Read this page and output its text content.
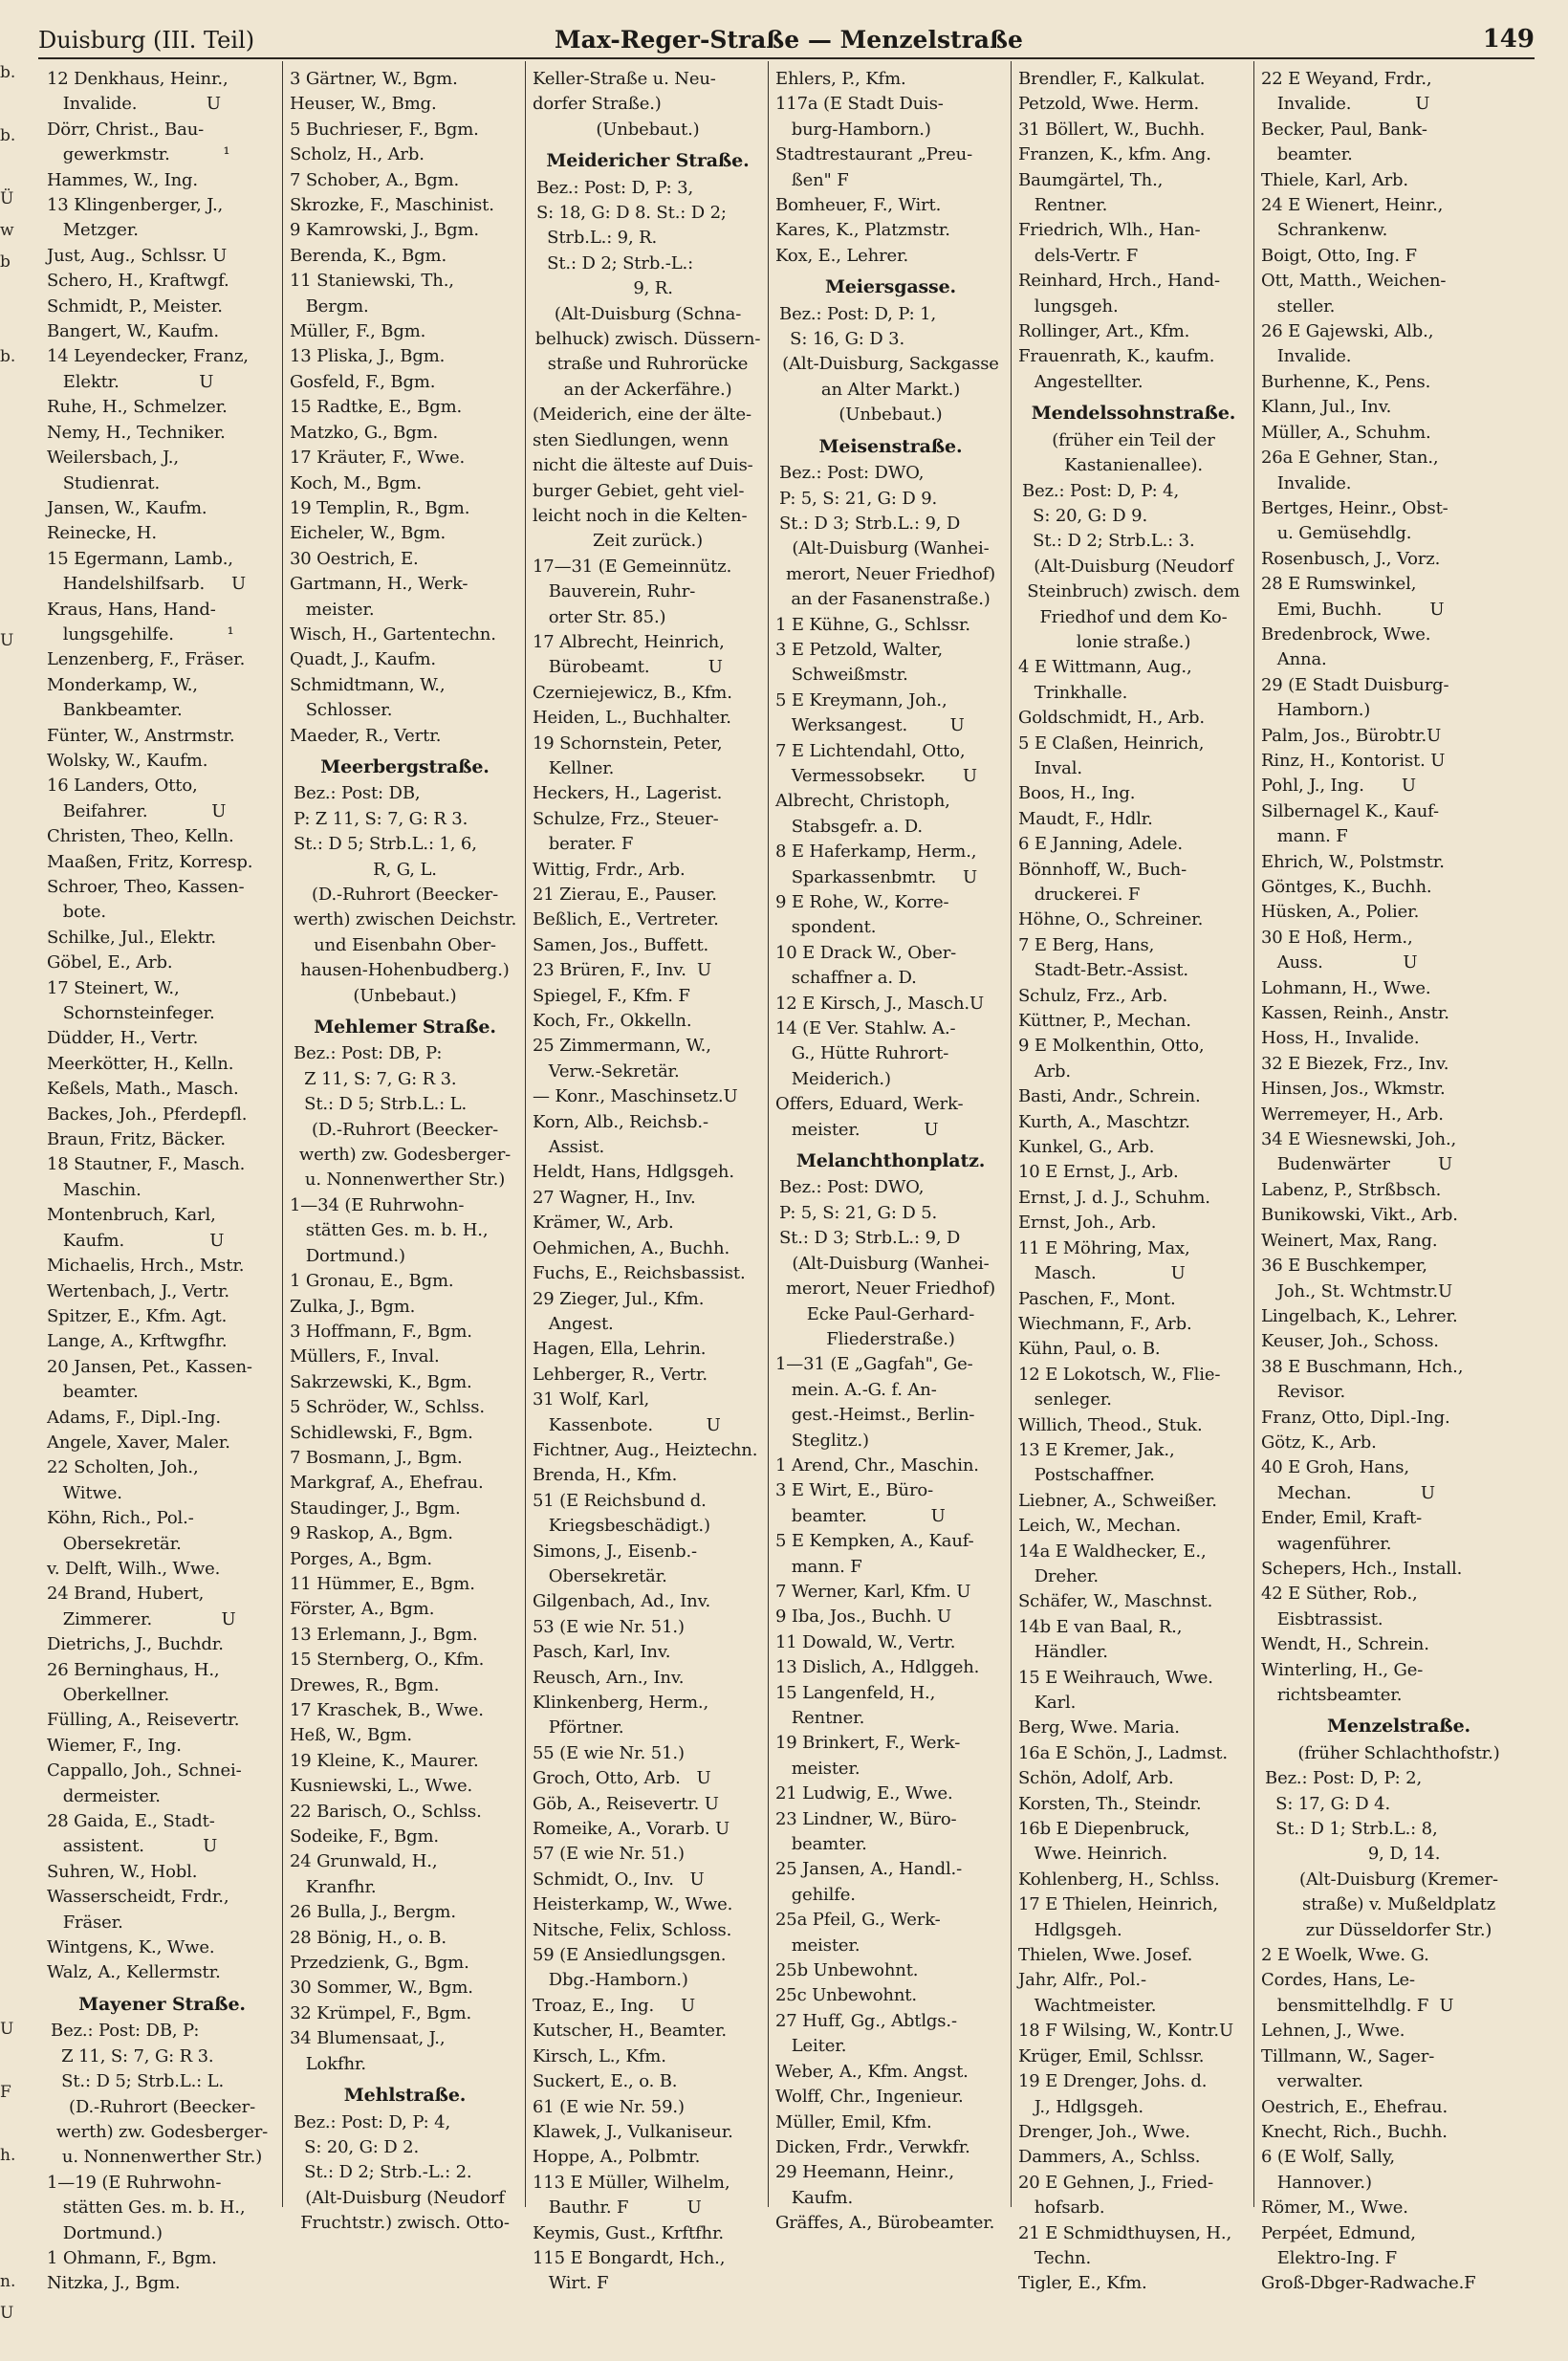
b.
b.
Ü
w
b
b.
U
U
F
h.
n.
U
Duisburg (III. Teil)	Max-Reger-Straße — Menzelstraße	149
12 Denkhaus, Heinr.,
Invalide.             U
Dörr, Christ., Bau-
gewerkmstr.          ¹
Hammes, W., Ing.
13 Klingenberger, J.,
Metzger.
Just, Aug., Schlssr. U
Schero, H., Kraftwgf.
Schmidt, P., Meister.
Bangert, W., Kaufm.
14 Leyendecker, Franz,
Elektr.               U
Ruhe, H., Schmelzer.
Nemy, H., Techniker.
Weilersbach, J.,
Studienrat.
Jansen, W., Kaufm.
Reinecke, H.
15 Egermann, Lamb.,
Handelshilfsarb.     U
Kraus, Hans, Hand-
lungsgehilfe.          ¹
Lenzenberg, F., Fräser.
Monderkamp, W.,
Bankbeamter.
Fünter, W., Anstrmstr.
Wolsky, W., Kaufm.
16 Landers, Otto,
Beifahrer.            U
Christen, Theo, Kelln.
Maaßen, Fritz, Korresp.
Schroer, Theo, Kassen-
bote.
Schilke, Jul., Elektr.
Göbel, E., Arb.
17 Steinert, W.,
Schornsteinfeger.
Düdder, H., Vertr.
Meerkötter, H., Kelln.
Keßels, Math., Masch.
Backes, Joh., Pferdepfl.
Braun, Fritz, Bäcker.
18 Stautner, F., Masch.
Maschin.
Montenbruch, Karl,
Kaufm.                U
Michaelis, Hrch., Mstr.
Wertenbach, J., Vertr.
Spitzer, E., Kfm. Agt.
Lange, A., Krftwgfhr.
20 Jansen, Pet., Kassen-
beamter.
Adams, F., Dipl.-Ing.
Angele, Xaver, Maler.
22 Scholten, Joh.,
Witwe.
Köhn, Rich., Pol.-
Obersekretär.
v. Delft, Wilh., Wwe.
24 Brand, Hubert,
Zimmerer.             U
Dietrichs, J., Buchdr.
26 Berninghaus, H.,
Oberkellner.
Fülling, A., Reisevertr.
Wiemer, F., Ing.
Cappallo, Joh., Schnei-
dermeister.
28 Gaida, E., Stadt-
assistent.           U
Suhren, W., Hobl.
Wasserscheidt, Frdr.,
Fräser.
Wintgens, K., Wwe.
Walz, A., Kellermstr.
Mayener Straße.
Bez.: Post: DB, P:
Z 11, S: 7, G: R 3.
St.: D 5; Strb.L.: L.
(D.-Ruhrort (Beecker-
werth) zw. Godesberger-
u. Nonnenwerther Str.)
1—19 (E Ruhrwohn-
stätten Ges. m. b. H.,
Dortmund.)
1 Ohmann, F., Bgm.
Nitzka, J., Bgm.
3 Gärtner, W., Bgm.
Heuser, W., Bmg.
5 Buchrieser, F., Bgm.
Scholz, H., Arb.
7 Schober, A., Bgm.
Skrozke, F., Maschinist.
9 Kamrowski, J., Bgm.
Berenda, K., Bgm.
11 Staniewski, Th.,
Bergm.
Müller, F., Bgm.
13 Pliska, J., Bgm.
Gosfeld, F., Bgm.
15 Radtke, E., Bgm.
Matzko, G., Bgm.
17 Kräuter, F., Wwe.
Koch, M., Bgm.
19 Templin, R., Bgm.
Eicheler, W., Bgm.
30 Oestrich, E.
Gartmann, H., Werk-
meister.
Wisch, H., Gartentechn.
Quadt, J., Kaufm.
Schmidtmann, W.,
Schlosser.
Maeder, R., Vertr.
Meerbergstraße.
Bez.: Post: DB,
P: Z 11, S: 7, G: R 3.
St.: D 5; Strb.L.: 1, 6,
R, G, L.
(D.-Ruhrort (Beecker-
werth) zwischen Deichstr.
und Eisenbahn Ober-
hausen-Hohenbudberg.)
(Unbebaut.)
Mehlemer Straße.
Bez.: Post: DB, P:
Z 11, S: 7, G: R 3.
St.: D 5; Strb.L.: L.
(D.-Ruhrort (Beecker-
werth) zw. Godesberger-
u. Nonnenwerther Str.)
1—34 (E Ruhrwohn-
stätten Ges. m. b. H.,
Dortmund.)
1 Gronau, E., Bgm.
Zulka, J., Bgm.
3 Hoffmann, F., Bgm.
Müllers, F., Inval.
Sakrzewski, K., Bgm.
5 Schröder, W., Schlss.
Schidlewski, F., Bgm.
7 Bosmann, J., Bgm.
Markgraf, A., Ehefrau.
Staudinger, J., Bgm.
9 Raskop, A., Bgm.
Porges, A., Bgm.
11 Hümmer, E., Bgm.
Förster, A., Bgm.
13 Erlemann, J., Bgm.
15 Sternberg, O., Kfm.
Drewes, R., Bgm.
17 Kraschek, B., Wwe.
Heß, W., Bgm.
19 Kleine, K., Maurer.
Kusniewski, L., Wwe.
22 Barisch, O., Schlss.
Sodeike, F., Bgm.
24 Grunwald, H.,
Kranfhr.
26 Bulla, J., Bergm.
28 Bönig, H., o. B.
Przedzienk, G., Bgm.
30 Sommer, W., Bgm.
32 Krümpel, F., Bgm.
34 Blumensaat, J.,
Lokfhr.
Mehlstraße.
Bez.: Post: D, P: 4,
S: 20, G: D 2.
St.: D 2; Strb.-L.: 2.
(Alt-Duisburg (Neudorf
Fruchtstr.) zwisch. Otto-
Keller-Straße u. Neu-
dorfer Straße.)
(Unbebaut.)
Meidericher Straße.
Bez.: Post: D, P: 3,
S: 18, G: D 8. St.: D 2;
Strb.L.: 9, R.
St.: D 2; Strb.-L.:
9, R.
(Alt-Duisburg (Schna-
belhuck) zwisch. Düssern-
straße und Ruhrorücke
an der Ackerfähre.)
(Meiderich, eine der älte-
sten Siedlungen, wenn
nicht die älteste auf Duis-
burger Gebiet, geht viel-
leicht noch in die Kelten-
Zeit zurück.)
17—31 (E Gemeinnütz.
Bauverein, Ruhr-
orter Str. 85.)
17 Albrecht, Heinrich,
Bürobeamt.           U
Czerniejewicz, B., Kfm.
Heiden, L., Buchhalter.
19 Schornstein, Peter,
Kellner.
Heckers, H., Lagerist.
Schulze, Frz., Steuer-
berater. F
Wittig, Frdr., Arb.
21 Zierau, E., Pauser.
Beßlich, E., Vertreter.
Samen, Jos., Buffett.
23 Brüren, F., Inv.  U
Spiegel, F., Kfm. F
Koch, Fr., Okkelln.
25 Zimmermann, W.,
Verw.-Sekretär.
— Konr., Maschinsetz.U
Korn, Alb., Reichsb.-
Assist.
Heldt, Hans, Hdlgsgeh.
27 Wagner, H., Inv.
Krämer, W., Arb.
Oehmichen, A., Buchh.
Fuchs, E., Reichsbassist.
29 Zieger, Jul., Kfm.
Angest.
Hagen, Ella, Lehrin.
Lehberger, R., Vertr.
31 Wolf, Karl,
Kassenbote.          U
Fichtner, Aug., Heiztechn.
Brenda, H., Kfm.
51 (E Reichsbund d.
Kriegsbeschädigt.)
Simons, J., Eisenb.-
Obersekretär.
Gilgenbach, Ad., Inv.
53 (E wie Nr. 51.)
Pasch, Karl, Inv.
Reusch, Arn., Inv.
Klinkenberg, Herm.,
Pförtner.
55 (E wie Nr. 51.)
Groch, Otto, Arb.   U
Göb, A., Reisevertr. U
Romeike, A., Vorarb. U
57 (E wie Nr. 51.)
Schmidt, O., Inv.   U
Heisterkamp, W., Wwe.
Nitsche, Felix, Schloss.
59 (E Ansiedlungsgen.
Dbg.-Hamborn.)
Troaz, E., Ing.     U
Kutscher, H., Beamter.
Kirsch, L., Kfm.
Suckert, E., o. B.
61 (E wie Nr. 59.)
Klawek, J., Vulkaniseur.
Hoppe, A., Polbmtr.
113 E Müller, Wilhelm,
Bauthr. F           U
Keymis, Gust., Krftfhr.
115 E Bongardt, Hch.,
Wirt. F
Ehlers, P., Kfm.
117a (E Stadt Duis-
burg-Hamborn.)
Stadtrestaurant „Preu-
ßen" F
Bomheuer, F., Wirt.
Kares, K., Platzmstr.
Kox, E., Lehrer.
Meiersgasse.
Bez.: Post: D, P: 1,
S: 16, G: D 3.
(Alt-Duisburg, Sackgasse
an Alter Markt.)
(Unbebaut.)
Meisenstraße.
Bez.: Post: DWO,
P: 5, S: 21, G: D 9.
St.: D 3; Strb.L.: 9, D
(Alt-Duisburg (Wanhei-
merort, Neuer Friedhof)
an der Fasanenstraße.)
1 E Kühne, G., Schlssr.
3 E Petzold, Walter,
Schweißmstr.
5 E Kreymann, Joh.,
Werksangest.        U
7 E Lichtendahl, Otto,
Vermessobsekr.       U
Albrecht, Christoph,
Stabsgefr. a. D.
8 E Haferkamp, Herm.,
Sparkassenbmtr.     U
9 E Rohe, W., Korre-
spondent.
10 E Drack W., Ober-
schaffner a. D.
12 E Kirsch, J., Masch.U
14 (E Ver. Stahlw. A.-
G., Hütte Ruhrort-
Meiderich.)
Offers, Eduard, Werk-
meister.            U
Melanchthonplatz.
Bez.: Post: DWO,
P: 5, S: 21, G: D 5.
St.: D 3; Strb.L.: 9, D
(Alt-Duisburg (Wanhei-
merort, Neuer Friedhof)
Ecke Paul-Gerhard-
Fliederstraße.)
1—31 (E „Gagfah", Ge-
mein. A.-G. f. An-
gest.-Heimst., Berlin-
Steglitz.)
1 Arend, Chr., Maschin.
3 E Wirt, E., Büro-
beamter.            U
5 E Kempken, A., Kauf-
mann. F
7 Werner, Karl, Kfm. U
9 Iba, Jos., Buchh. U
11 Dowald, W., Vertr.
13 Dislich, A., Hdlggeh.
15 Langenfeld, H.,
Rentner.
19 Brinkert, F., Werk-
meister.
21 Ludwig, E., Wwe.
23 Lindner, W., Büro-
beamter.
25 Jansen, A., Handl.-
gehilfe.
25a Pfeil, G., Werk-
meister.
25b Unbewohnt.
25c Unbewohnt.
27 Huff, Gg., Abtlgs.-
Leiter.
Weber, A., Kfm. Angst.
Wolff, Chr., Ingenieur.
Müller, Emil, Kfm.
Dicken, Frdr., Verwkfr.
29 Heemann, Heinr.,
Kaufm.
Gräffes, A., Bürobeamter.
Brendler, F., Kalkulat.
Petzold, Wwe. Herm.
31 Böllert, W., Buchh.
Franzen, K., kfm. Ang.
Baumgärtel, Th.,
Rentner.
Friedrich, Wlh., Han-
dels-Vertr. F
Reinhard, Hrch., Hand-
lungsgeh.
Rollinger, Art., Kfm.
Frauenrath, K., kaufm.
Angestellter.
Mendelssohnstraße.
(früher ein Teil der
Kastanienallee).
Bez.: Post: D, P: 4,
S: 20, G: D 9.
St.: D 2; Strb.L.: 3.
(Alt-Duisburg (Neudorf
Steinbruch) zwisch. dem
Friedhof und dem Ko-
lonie straße.)
4 E Wittmann, Aug.,
Trinkhalle.
Goldschmidt, H., Arb.
5 E Claßen, Heinrich,
Inval.
Boos, H., Ing.
Maudt, F., Hdlr.
6 E Janning, Adele.
Bönnhoff, W., Buch-
druckerei. F
Höhne, O., Schreiner.
7 E Berg, Hans,
Stadt-Betr.-Assist.
Schulz, Frz., Arb.
Küttner, P., Mechan.
9 E Molkenthin, Otto,
Arb.
Basti, Andr., Schrein.
Kurth, A., Maschtzr.
Kunkel, G., Arb.
10 E Ernst, J., Arb.
Ernst, J. d. J., Schuhm.
Ernst, Joh., Arb.
11 E Möhring, Max,
Masch.              U
Paschen, F., Mont.
Wiechmann, F., Arb.
Kühn, Paul, o. B.
12 E Lokotsch, W., Flie-
senleger.
Willich, Theod., Stuk.
13 E Kremer, Jak.,
Postschaffner.
Liebner, A., Schweißer.
Leich, W., Mechan.
14a E Waldhecker, E.,
Dreher.
Schäfer, W., Maschnst.
14b E van Baal, R.,
Händler.
15 E Weihrauch, Wwe.
Karl.
Berg, Wwe. Maria.
16a E Schön, J., Ladmst.
Schön, Adolf, Arb.
Korsten, Th., Steindr.
16b E Diepenbruck,
Wwe. Heinrich.
Kohlenberg, H., Schlss.
17 E Thielen, Heinrich,
Hdlgsgeh.
Thielen, Wwe. Josef.
Jahr, Alfr., Pol.-
Wachtmeister.
18 F Wilsing, W., Kontr.U
Krüger, Emil, Schlssr.
19 E Drenger, Johs. d.
J., Hdlgsgeh.
Drenger, Joh., Wwe.
Dammers, A., Schlss.
20 E Gehnen, J., Fried-
hofsarb.
21 E Schmidthuysen, H.,
Techn.
Tigler, E., Kfm.
22 E Weyand, Frdr.,
Invalide.            U
Becker, Paul, Bank-
beamter.
Thiele, Karl, Arb.
24 E Wienert, Heinr.,
Schrankenw.
Boigt, Otto, Ing. F
Ott, Matth., Weichen-
steller.
26 E Gajewski, Alb.,
Invalide.
Burhenne, K., Pens.
Klann, Jul., Inv.
Müller, A., Schuhm.
26a E Gehner, Stan.,
Invalide.
Bertges, Heinr., Obst-
u. Gemüsehdlg.
Rosenbusch, J., Vorz.
28 E Rumswinkel,
Emi, Buchh.         U
Bredenbrock, Wwe.
Anna.
29 (E Stadt Duisburg-
Hamborn.)
Palm, Jos., Bürobtr.U
Rinz, H., Kontorist. U
Pohl, J., Ing.       U
Silbernagel K., Kauf-
mann. F
Ehrich, W., Polstmstr.
Göntges, K., Buchh.
Hüsken, A., Polier.
30 E Hoß, Herm.,
Auss.               U
Lohmann, H., Wwe.
Kassen, Reinh., Anstr.
Hoss, H., Invalide.
32 E Biezek, Frz., Inv.
Hinsen, Jos., Wkmstr.
Werremeyer, H., Arb.
34 E Wiesnewski, Joh.,
Budenwärter         U
Labenz, P., Strßbsch.
Bunikowski, Vikt., Arb.
Weinert, Max, Rang.
36 E Buschkemper,
Joh., St. Wchtmstr.U
Lingelbach, K., Lehrer.
Keuser, Joh., Schoss.
38 E Buschmann, Hch.,
Revisor.
Franz, Otto, Dipl.-Ing.
Götz, K., Arb.
40 E Groh, Hans,
Mechan.             U
Ender, Emil, Kraft-
wagenführer.
Schepers, Hch., Install.
42 E Süther, Rob.,
Eisbtrassist.
Wendt, H., Schrein.
Winterling, H., Ge-
richtsbeamter.
Menzelstraße.
(früher Schlachthofstr.)
Bez.: Post: D, P: 2,
S: 17, G: D 4.
St.: D 1; Strb.L.: 8,
9, D, 14.
(Alt-Duisburg (Kremer-
straße) v. Mußeldplatz
zur Düsseldorfer Str.)
2 E Woelk, Wwe. G.
Cordes, Hans, Le-
bensmittelhdlg. F  U
Lehnen, J., Wwe.
Tillmann, W., Sager-
verwalter.
Oestrich, E., Ehefrau.
Knecht, Rich., Buchh.
6 (E Wolf, Sally,
Hannover.)
Römer, M., Wwe.
Perpéet, Edmund,
Elektro-Ing. F
Groß-Dbger-Radwache.F
